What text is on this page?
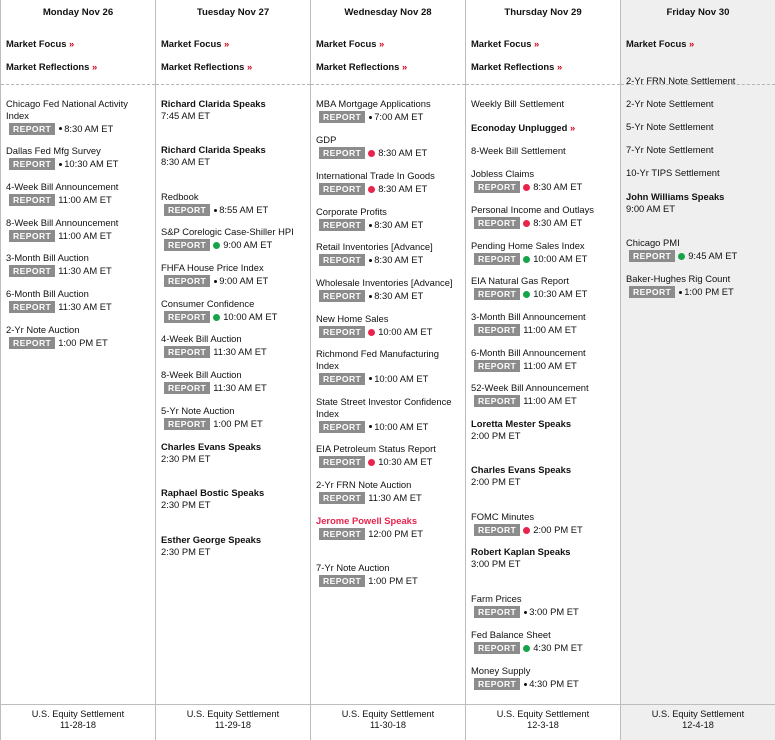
Monday Nov 26
Market Focus »
Market Reflections »
Chicago Fed National Activity Index
REPORT	8:30 AM ET
Dallas Fed Mfg Survey
REPORT	10:30 AM ET
4-Week Bill Announcement
REPORT 11:00 AM ET
8-Week Bill Announcement
REPORT 11:00 AM ET
3-Month Bill Auction
REPORT 11:30 AM ET
6-Month Bill Auction
REPORT 11:30 AM ET
2-Yr Note Auction
REPORT 1:00 PM ET
U.S. Equity Settlement
11-28-18
Tuesday Nov 27
Market Focus »
Market Reflections »
Richard Clarida Speaks
7:45 AM ET
Richard Clarida Speaks
8:30 AM ET
Redbook
REPORT	8:55 AM ET
S&P Corelogic Case-Shiller HPI
REPORT	9:00 AM ET
FHFA House Price Index
REPORT	9:00 AM ET
Consumer Confidence
REPORT	10:00 AM ET
4-Week Bill Auction
REPORT 11:30 AM ET
8-Week Bill Auction
REPORT 11:30 AM ET
5-Yr Note Auction
REPORT 1:00 PM ET
Charles Evans Speaks
2:30 PM ET
Raphael Bostic Speaks
2:30 PM ET
Esther George Speaks
2:30 PM ET
U.S. Equity Settlement
11-29-18
Wednesday Nov 28
Market Focus »
Market Reflections »
MBA Mortgage Applications
REPORT	7:00 AM ET
GDP
REPORT	8:30 AM ET
International Trade In Goods
REPORT	8:30 AM ET
Corporate Profits
REPORT	8:30 AM ET
Retail Inventories [Advance]
REPORT	8:30 AM ET
Wholesale Inventories [Advance]
REPORT	8:30 AM ET
New Home Sales
REPORT	10:00 AM ET
Richmond Fed Manufacturing Index
REPORT	10:00 AM ET
State Street Investor Confidence Index
REPORT	10:00 AM ET
EIA Petroleum Status Report
REPORT	10:30 AM ET
2-Yr FRN Note Auction
REPORT 11:30 AM ET
Jerome Powell Speaks
REPORT 12:00 PM ET
7-Yr Note Auction
REPORT 1:00 PM ET
U.S. Equity Settlement
11-30-18
Thursday Nov 29
Market Focus »
Market Reflections »
Weekly Bill Settlement
Econoday Unplugged »
8-Week Bill Settlement
Jobless Claims
REPORT	8:30 AM ET
Personal Income and Outlays
REPORT	8:30 AM ET
Pending Home Sales Index
REPORT	10:00 AM ET
EIA Natural Gas Report
REPORT	10:30 AM ET
3-Month Bill Announcement
REPORT 11:00 AM ET
6-Month Bill Announcement
REPORT 11:00 AM ET
52-Week Bill Announcement
REPORT 11:00 AM ET
Loretta Mester Speaks
2:00 PM ET
Charles Evans Speaks
2:00 PM ET
FOMC Minutes
REPORT	2:00 PM ET
Robert Kaplan Speaks
3:00 PM ET
Farm Prices
REPORT	3:00 PM ET
Fed Balance Sheet
REPORT	4:30 PM ET
Money Supply
REPORT	4:30 PM ET
U.S. Equity Settlement
12-3-18
Friday Nov 30
Market Focus »
2-Yr FRN Note Settlement
2-Yr Note Settlement
5-Yr Note Settlement
7-Yr Note Settlement
10-Yr TIPS Settlement
John Williams Speaks
9:00 AM ET
Chicago PMI
REPORT	9:45 AM ET
Baker-Hughes Rig Count
REPORT	1:00 PM ET
U.S. Equity Settlement
12-4-18
